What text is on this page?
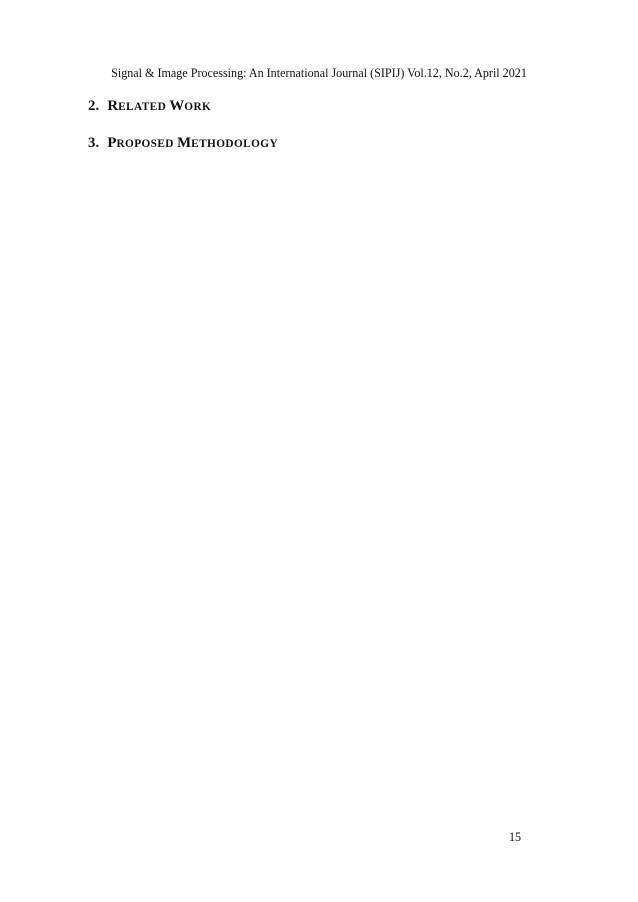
Signal & Image Processing: An International Journal (SIPIJ) Vol.12, No.2, April 2021
2. RELATED WORK

3. PROPOSED METHODOLOGY

15
